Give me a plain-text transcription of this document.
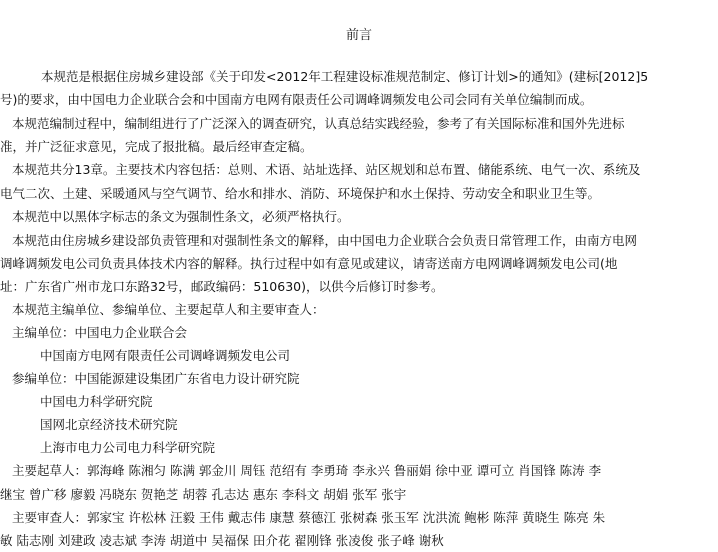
前言
本规范是根据住房城乡建设部《关于印发<2012年工程建设标准规范制定、修订计划>的通知》(建标[2012]5
号)的要求，由中国电力企业联合会和中国南方电网有限责任公司调峰调频发电公司会同有关单位编制而成。
本规范编制过程中，编制组进行了广泛深入的调查研究，认真总结实践经验，参考了有关国际标准和国外先进标
准，并广泛征求意见，完成了报批稿。最后经审查定稿。
本规范共分13章。主要技术内容包括：总则、术语、站址选择、站区规划和总布置、储能系统、电气一次、系统及
电气二次、土建、采暖通风与空气调节、给水和排水、消防、环境保护和水土保持、劳动安全和职业卫生等。
本规范中以黑体字标志的条文为强制性条文，必须严格执行。
本规范由住房城乡建设部负责管理和对强制性条文的解释，由中国电力企业联合会负责日常管理工作，由南方电网
调峰调频发电公司负责具体技术内容的解释。执行过程中如有意见或建议，请寄送南方电网调峰调频发电公司(地
址：广东省广州市龙口东路32号，邮政编码：510630)，以供今后修订时参考。
本规范主编单位、参编单位、主要起草人和主要审查人：
主编单位：中国电力企业联合会
中国南方电网有限责任公司调峰调频发电公司
参编单位：中国能源建设集团广东省电力设计研究院
中国电力科学研究院
国网北京经济技术研究院
上海市电力公司电力科学研究院
主要起草人：郭海峰 陈湘匀 陈满 郭金川 周钰 范绍有 李勇琦 李永兴 鲁丽娟 徐中亚 谭可立 肖国锋 陈涛 李
继宝 曾广移 廖毅 冯晓东 贺艳芝 胡蓉 孔志达 惠东 李科文 胡娟 张军 张宇
主要审查人：郭家宝 许松林 汪毅 王伟 戴志伟 康慧 蔡德江 张树森 张玉军 沈洪流 鲍彬 陈萍 黄晓生 陈亮 朱
敏 陆志刚 刘建政 凌志斌 李涛 胡道中 吴福保 田介花 翟刚锋 张凌俊 张子峰 谢秋
